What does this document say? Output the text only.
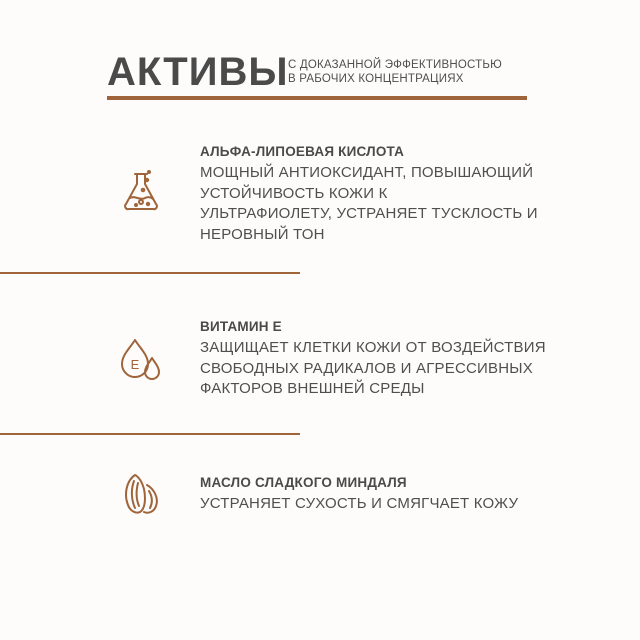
АКТИВЫ С ДОКАЗАННОЙ ЭФФЕКТИВНОСТЬЮ
В РАБОЧИХ КОНЦЕНТРАЦИЯХ
АЛЬФА-ЛИПОЕВАЯ КИСЛОТА
МОЩНЫЙ АНТИОКСИДАНТ, ПОВЫШАЮЩИЙ
УСТОЙЧИВОСТЬ КОЖИ К
УЛЬТРАФИОЛЕТУ, УСТРАНЯЕТ ТУСКЛОСТЬ И
НЕРОВНЫЙ ТОН
E
ВИТАМИН Е
ЗАЩИЩАЕТ КЛЕТКИ КОЖИ ОТ ВОЗДЕЙСТВИЯ
СВОБОДНЫХ РАДИКАЛОВ И АГРЕССИВНЫХ
ФАКТОРОВ ВНЕШНЕЙ СРЕДЫ
МАСЛО СЛАДКОГО МИНДАЛЯ
УСТРАНЯЕТ СУХОСТЬ И СМЯГЧАЕТ КОЖУ
